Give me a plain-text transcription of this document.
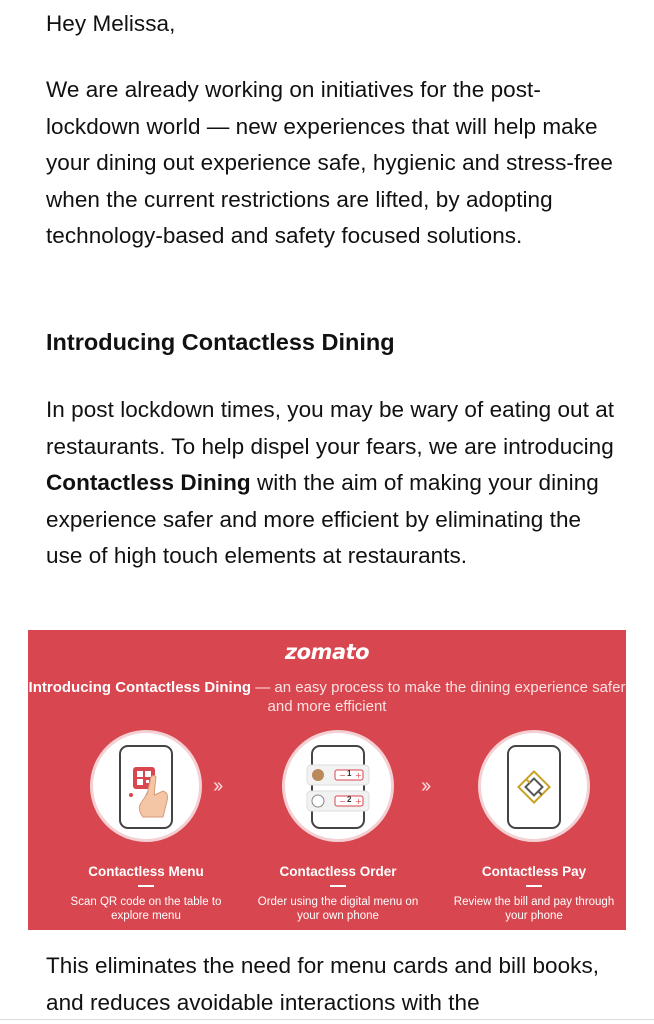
Hey Melissa,

We are already working on initiatives for the post-lockdown world — new experiences that will help make your dining out experience safe, hygienic and stress-free when the current restrictions are lifted, by adopting technology-based and safety focused solutions.

Introducing Contactless Dining

In post lockdown times, you may be wary of eating out at restaurants. To help dispel your fears, we are introducing Contactless Dining with the aim of making your dining experience safer and more efficient by eliminating the use of high touch elements at restaurants.

zomato
Introducing Contactless Dining — an easy process to make the dining experience safer and more efficient
Contactless Menu
Scan QR code on the table to explore menu
››	− +
− +
1
2
Contactless Order
Order using the digital menu on your own phone
››
Contactless Pay
Review the bill and pay through your phone

This eliminates the need for menu cards and bill books, and reduces avoidable interactions with the
